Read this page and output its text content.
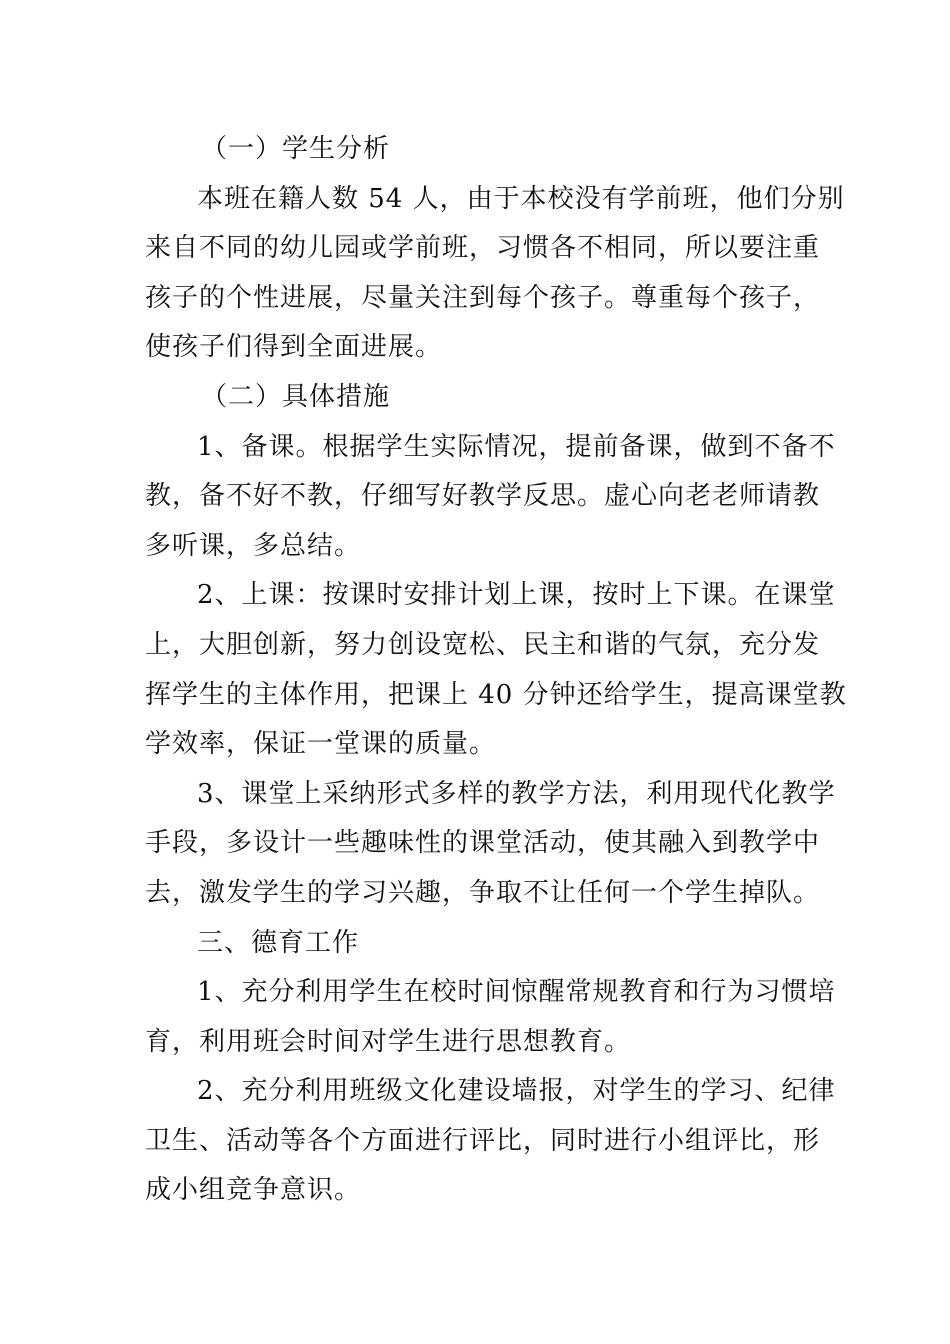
（一）学生分析

本班在籍人数 54 人，由于本校没有学前班，他们分别

来自不同的幼儿园或学前班，习惯各不相同，所以要注重

孩子的个性进展，尽量关注到每个孩子。尊重每个孩子，

使孩子们得到全面进展。

（二）具体措施

1、备课。根据学生实际情况，提前备课，做到不备不

教，备不好不教，仔细写好教学反思。虚心向老老师请教

多听课，多总结。

2、上课：按课时安排计划上课，按时上下课。在课堂

上，大胆创新，努力创设宽松、民主和谐的气氛，充分发

挥学生的主体作用，把课上 40 分钟还给学生，提高课堂教

学效率，保证一堂课的质量。

3、课堂上采纳形式多样的教学方法，利用现代化教学

手段，多设计一些趣味性的课堂活动，使其融入到教学中

去，激发学生的学习兴趣，争取不让任何一个学生掉队。

三、德育工作

1、充分利用学生在校时间惊醒常规教育和行为习惯培

育，利用班会时间对学生进行思想教育。

2、充分利用班级文化建设墙报，对学生的学习、纪律

卫生、活动等各个方面进行评比，同时进行小组评比，形

成小组竞争意识。
